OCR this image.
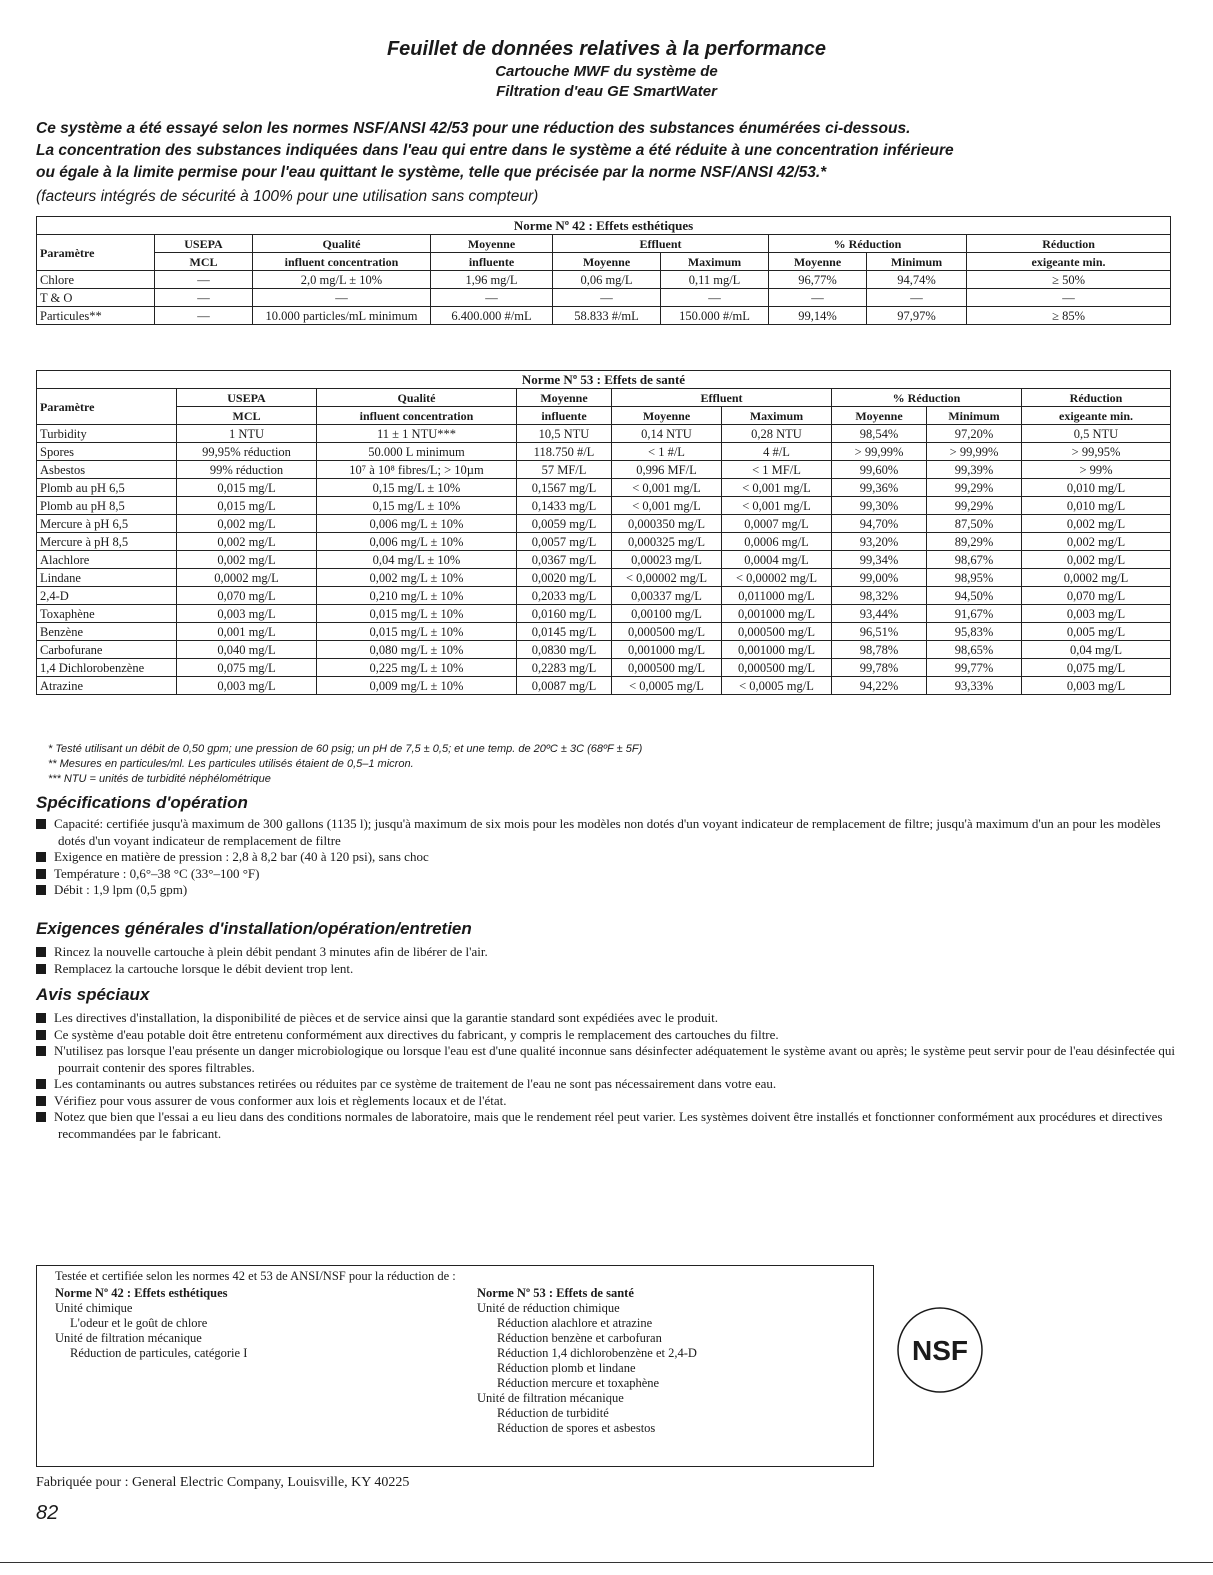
Feuillet de données relatives à la performance
Cartouche MWF du système de
Filtration d'eau GE SmartWater
Ce système a été essayé selon les normes NSF/ANSI 42/53 pour une réduction des substances énumérées ci-dessous.
La concentration des substances indiquées dans l'eau qui entre dans le système a été réduite à une concentration inférieure
ou égale à la limite permise pour l'eau quittant le système, telle que précisée par la norme NSF/ANSI 42/53.*
(facteurs intégrés de sécurité à 100% pour une utilisation sans compteur)
Norme Nº 42 : Effets esthétiques								
Paramètre	USEPA	Qualité	Moyenne	Effluent		% Réduction		Réduction
	MCL	influent concentration	influente	Moyenne	Maximum	Moyenne	Minimum	exigeante min.
Chlore	—	2,0 mg/L ± 10%	1,96 mg/L	0,06 mg/L	0,11 mg/L	96,77%	94,74%	≥ 50%
T & O	—	—	—	—	—	—	—	—
Particules**	—	10.000 particles/mL minimum	6.400.000 #/mL	58.833 #/mL	150.000 #/mL	99,14%	97,97%	≥ 85%
Norme Nº 53 : Effets de santé								
Paramètre	USEPA	Qualité	Moyenne	Effluent		% Réduction		Réduction
	MCL	influent concentration	influente	Moyenne	Maximum	Moyenne	Minimum	exigeante min.
Turbidity	1 NTU	11 ± 1 NTU***	10,5 NTU	0,14 NTU	0,28 NTU	98,54%	97,20%	0,5 NTU
Spores	99,95% réduction	50.000 L minimum	118.750 #/L	< 1 #/L	4 #/L	> 99,99%	> 99,99%	> 99,95%
Asbestos	99% réduction	10⁷ à 10⁸ fibres/L; > 10µm	57 MF/L	0,996 MF/L	< 1 MF/L	99,60%	99,39%	> 99%
Plomb au pH 6,5	0,015 mg/L	0,15 mg/L ± 10%	0,1567 mg/L	< 0,001 mg/L	< 0,001 mg/L	99,36%	99,29%	0,010 mg/L
Plomb au pH 8,5	0,015 mg/L	0,15 mg/L ± 10%	0,1433 mg/L	< 0,001 mg/L	< 0,001 mg/L	99,30%	99,29%	0,010 mg/L
Mercure à pH 6,5	0,002 mg/L	0,006 mg/L ± 10%	0,0059 mg/L	0,000350 mg/L	0,0007 mg/L	94,70%	87,50%	0,002 mg/L
Mercure à pH 8,5	0,002 mg/L	0,006 mg/L ± 10%	0,0057 mg/L	0,000325 mg/L	0,0006 mg/L	93,20%	89,29%	0,002 mg/L
Alachlore	0,002 mg/L	0,04 mg/L ± 10%	0,0367 mg/L	0,00023 mg/L	0,0004 mg/L	99,34%	98,67%	0,002 mg/L
Lindane	0,0002 mg/L	0,002 mg/L ± 10%	0,0020 mg/L	< 0,00002 mg/L	< 0,00002 mg/L	99,00%	98,95%	0,0002 mg/L
2,4-D	0,070 mg/L	0,210 mg/L ± 10%	0,2033 mg/L	0,00337 mg/L	0,011000 mg/L	98,32%	94,50%	0,070 mg/L
Toxaphène	0,003 mg/L	0,015 mg/L ± 10%	0,0160 mg/L	0,00100 mg/L	0,001000 mg/L	93,44%	91,67%	0,003 mg/L
Benzène	0,001 mg/L	0,015 mg/L ± 10%	0,0145 mg/L	0,000500 mg/L	0,000500 mg/L	96,51%	95,83%	0,005 mg/L
Carbofurane	0,040 mg/L	0,080 mg/L ± 10%	0,0830 mg/L	0,001000 mg/L	0,001000 mg/L	98,78%	98,65%	0,04 mg/L
1,4 Dichlorobenzène	0,075 mg/L	0,225 mg/L ± 10%	0,2283 mg/L	0,000500 mg/L	0,000500 mg/L	99,78%	99,77%	0,075 mg/L
Atrazine	0,003 mg/L	0,009 mg/L ± 10%	0,0087 mg/L	< 0,0005 mg/L	< 0,0005 mg/L	94,22%	93,33%	0,003 mg/L
* Testé utilisant un débit de 0,50 gpm; une pression de 60 psig; un pH de 7,5 ± 0,5; et une temp. de 20ºC ± 3C (68ºF ± 5F)
** Mesures en particules/ml. Les particules utilisés étaient de 0,5–1 micron.
*** NTU = unités de turbidité néphélométrique
Spécifications d'opération
Capacité: certifiée jusqu'à maximum de 300 gallons (1135 l); jusqu'à maximum de six mois pour les modèles non dotés d'un voyant indicateur de remplacement de filtre; jusqu'à maximum d'un an pour les modèles dotés d'un voyant indicateur de remplacement de filtre
Exigence en matière de pression : 2,8 à 8,2 bar (40 à 120 psi), sans choc
Température : 0,6°–38 °C (33°–100 °F)
Débit : 1,9 lpm (0,5 gpm)
Exigences générales d'installation/opération/entretien
Rincez la nouvelle cartouche à plein débit pendant 3 minutes afin de libérer de l'air.
Remplacez la cartouche lorsque le débit devient trop lent.
Avis spéciaux
Les directives d'installation, la disponibilité de pièces et de service ainsi que la garantie standard sont expédiées avec le produit.
Ce système d'eau potable doit être entretenu conformément aux directives du fabricant, y compris le remplacement des cartouches du filtre.
N'utilisez pas lorsque l'eau présente un danger microbiologique ou lorsque l'eau est d'une qualité inconnue sans désinfecter adéquatement le système avant ou après; le système peut servir pour de l'eau désinfectée qui pourrait contenir des spores filtrables.
Les contaminants ou autres substances retirées ou réduites par ce système de traitement de l'eau ne sont pas nécessairement dans votre eau.
Vérifiez pour vous assurer de vous conformer aux lois et règlements locaux et de l'état.
Notez que bien que l'essai a eu lieu dans des conditions normales de laboratoire, mais que le rendement réel peut varier. Les systèmes doivent être installés et fonctionner conformément aux procédures et directives recommandées par le fabricant.
Testée et certifiée selon les normes 42 et 53 de ANSI/NSF pour la réduction de :
Norme Nº 42 : Effets esthétiques
Unité chimique
L'odeur et le goût de chlore
Unité de filtration mécanique
Réduction de particules, catégorie I
Norme Nº 53 : Effets de santé
Unité de réduction chimique
Réduction alachlore et atrazine
Réduction benzène et carbofuran
Réduction 1,4 dichlorobenzène et 2,4-D
Réduction plomb et lindane
Réduction mercure et toxaphène
Unité de filtration mécanique
Réduction de turbidité
Réduction de spores et asbestos
NSF
Fabriquée pour : General Electric Company, Louisville, KY 40225
82
